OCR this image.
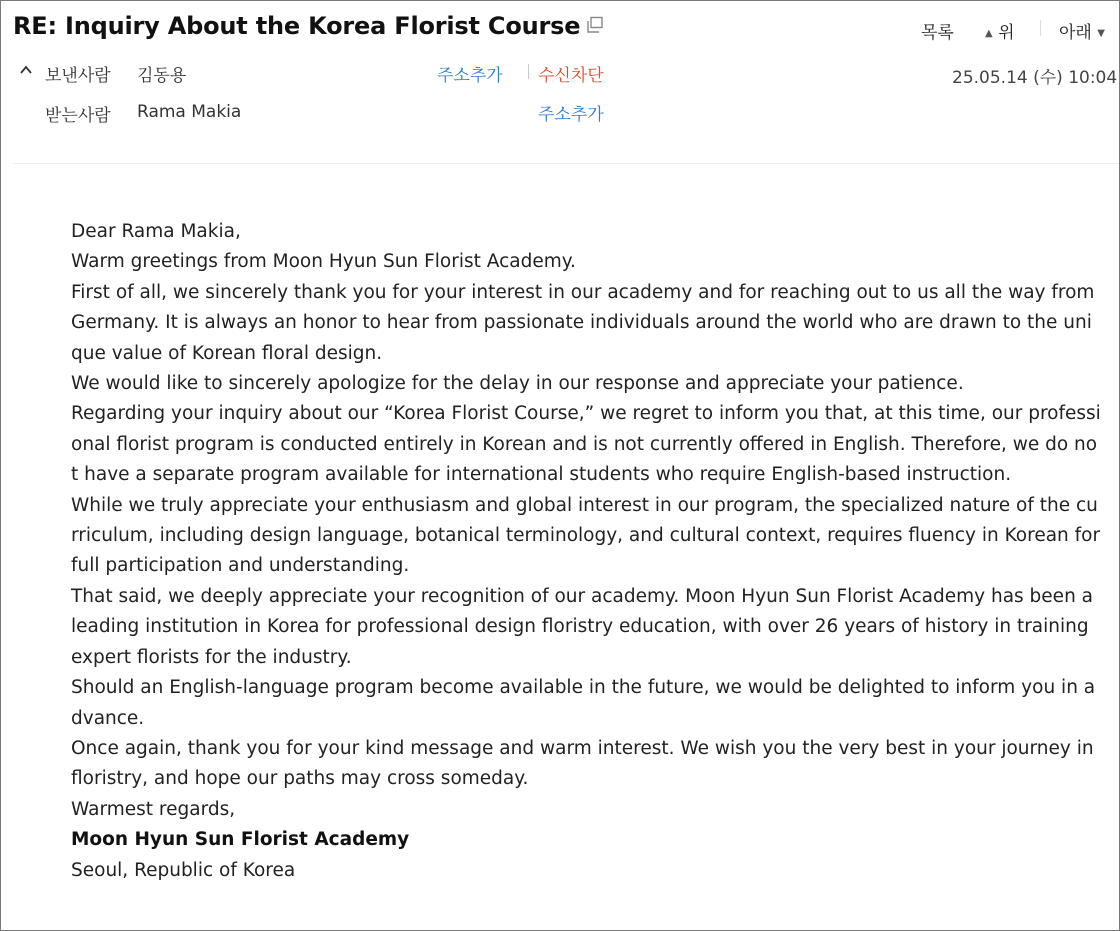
RE: Inquiry About the Korea Florist Course	목록	▲ 위	아래 ▼
보낸사람 김동용	주소추가 수신차단	25.05.14 (수) 10:04
받는사람 Rama Makia	주소추가

Dear Rama Makia,

Warm greetings from Moon Hyun Sun Florist Academy.

First of all, we sincerely thank you for your interest in our academy and for reaching out to us all the way from Germany. It is always an honor to hear from passionate individuals around the world who are drawn to the unique value of Korean floral design.

We would like to sincerely apologize for the delay in our response and appreciate your patience.

Regarding your inquiry about our “Korea Florist Course,” we regret to inform you that, at this time, our professional florist program is conducted entirely in Korean and is not currently offered in English. Therefore, we do not have a separate program available for international students who require English-based instruction.

While we truly appreciate your enthusiasm and global interest in our program, the specialized nature of the curriculum, including design language, botanical terminology, and cultural context, requires fluency in Korean for full participation and understanding.

That said, we deeply appreciate your recognition of our academy. Moon Hyun Sun Florist Academy has been a leading institution in Korea for professional design floristry education, with over 26 years of history in training expert florists for the industry.

Should an English-language program become available in the future, we would be delighted to inform you in advance.

Once again, thank you for your kind message and warm interest. We wish you the very best in your journey in floristry, and hope our paths may cross someday.

Warmest regards,

Moon Hyun Sun Florist Academy

Seoul, Republic of Korea
